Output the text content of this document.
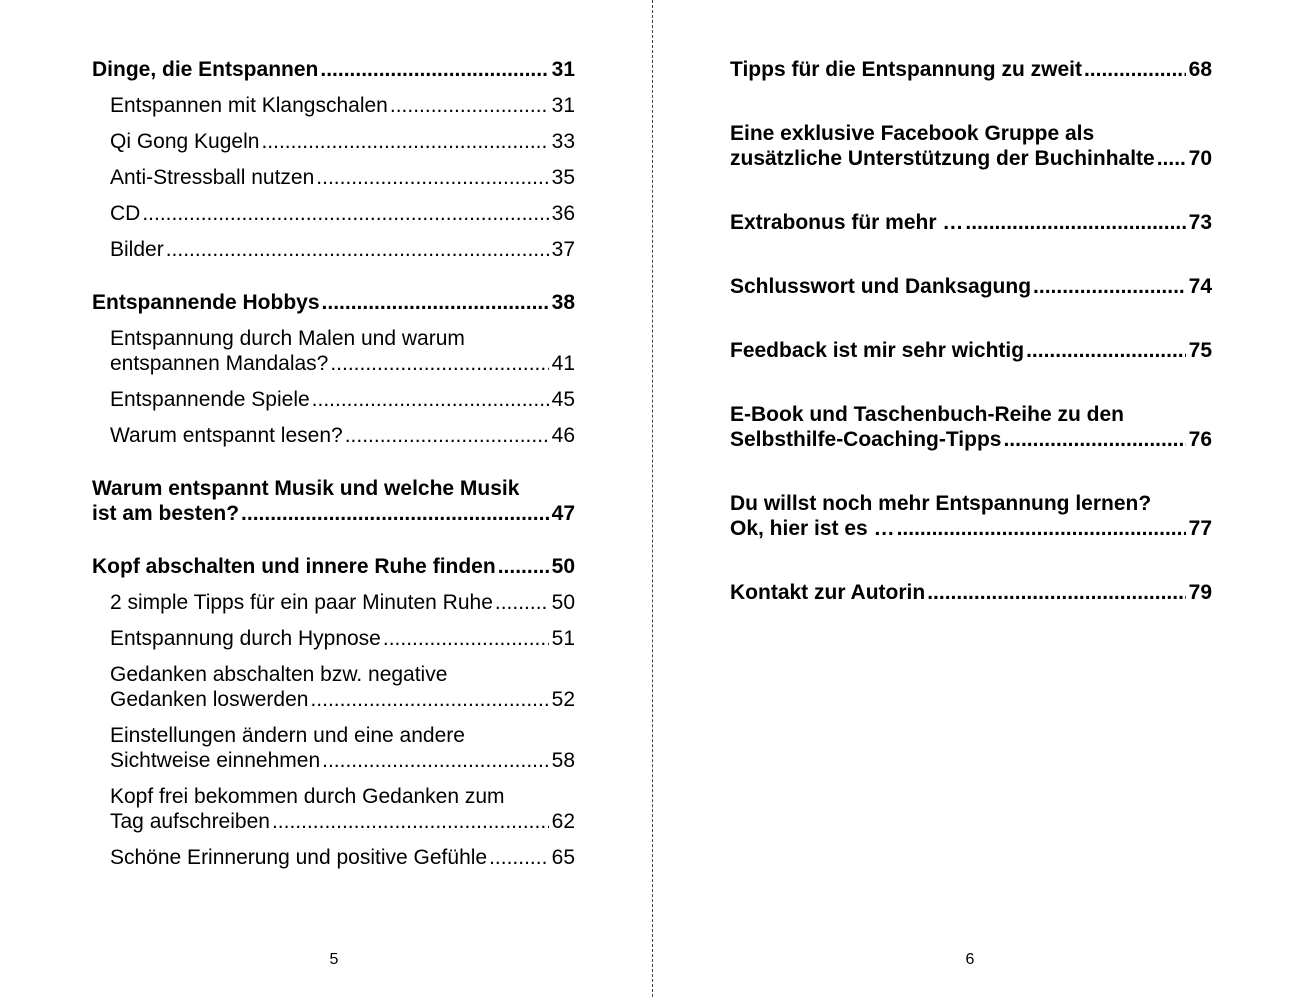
Dinge, die Entspannen .....	31
Entspannen mit Klangschalen .....	31
Qi Gong Kugeln .....	33
Anti-Stressball nutzen .....	35
CD .....	36
Bilder .....	37
Entspannende Hobbys .....	38
Entspannung durch Malen und warum
entspannen Mandalas? .....	41
Entspannende Spiele .....	45
Warum entspannt lesen? .....	46
Warum entspannt Musik und welche Musik
ist am besten? .....	47
Kopf abschalten und innere Ruhe finden .....	50
2 simple Tipps für ein paar Minuten Ruhe .....	50
Entspannung durch Hypnose .....	51
Gedanken abschalten bzw. negative
Gedanken loswerden .....	52
Einstellungen ändern und eine andere
Sichtweise einnehmen .....	58
Kopf frei bekommen durch Gedanken zum
Tag aufschreiben .....	62
Schöne Erinnerung und positive Gefühle .....	65
5
Tipps für die Entspannung zu zweit .....	68
Eine exklusive Facebook Gruppe als
zusätzliche Unterstützung der Buchinhalte ..... 70
Extrabonus für mehr … .....	73
Schlusswort und Danksagung .....	74
Feedback ist mir sehr wichtig .....	75
E-Book und Taschenbuch-Reihe zu den
Selbsthilfe-Coaching-Tipps .....	76
Du willst noch mehr Entspannung lernen?
Ok, hier ist es … .....	77
Kontakt zur Autorin .....	79
6
